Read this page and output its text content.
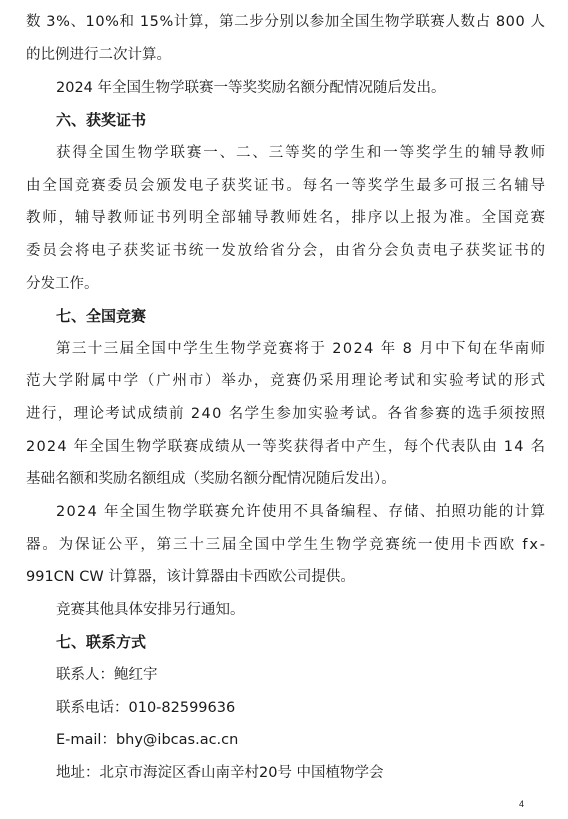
数 3%、10%和 15%计算，第二步分别以参加全国生物学联赛人数占 800 人
的比例进行二次计算。
2024 年全国生物学联赛一等奖奖励名额分配情况随后发出。
六、获奖证书
获得全国生物学联赛一、二、三等奖的学生和一等奖学生的辅导教师
由全国竞赛委员会颁发电子获奖证书。每名一等奖学生最多可报三名辅导
教师，辅导教师证书列明全部辅导教师姓名，排序以上报为准。全国竞赛
委员会将电子获奖证书统一发放给省分会，由省分会负责电子获奖证书的
分发工作。
七、全国竞赛
第三十三届全国中学生生物学竞赛将于 2024 年 8 月中下旬在华南师
范大学附属中学（广州市）举办，竞赛仍采用理论考试和实验考试的形式
进行，理论考试成绩前 240 名学生参加实验考试。各省参赛的选手须按照
2024 年全国生物学联赛成绩从一等奖获得者中产生，每个代表队由 14 名
基础名额和奖励名额组成（奖励名额分配情况随后发出）。
2024 年全国生物学联赛允许使用不具备编程、存储、拍照功能的计算
器。为保证公平，第三十三届全国中学生生物学竞赛统一使用卡西欧 fx-
991CN CW 计算器，该计算器由卡西欧公司提供。
竞赛其他具体安排另行通知。
七、联系方式
联系人：鲍红宇
联系电话：010-82599636
E-mail：bhy@ibcas.ac.cn
地址：北京市海淀区香山南辛村20号 中国植物学会
4
